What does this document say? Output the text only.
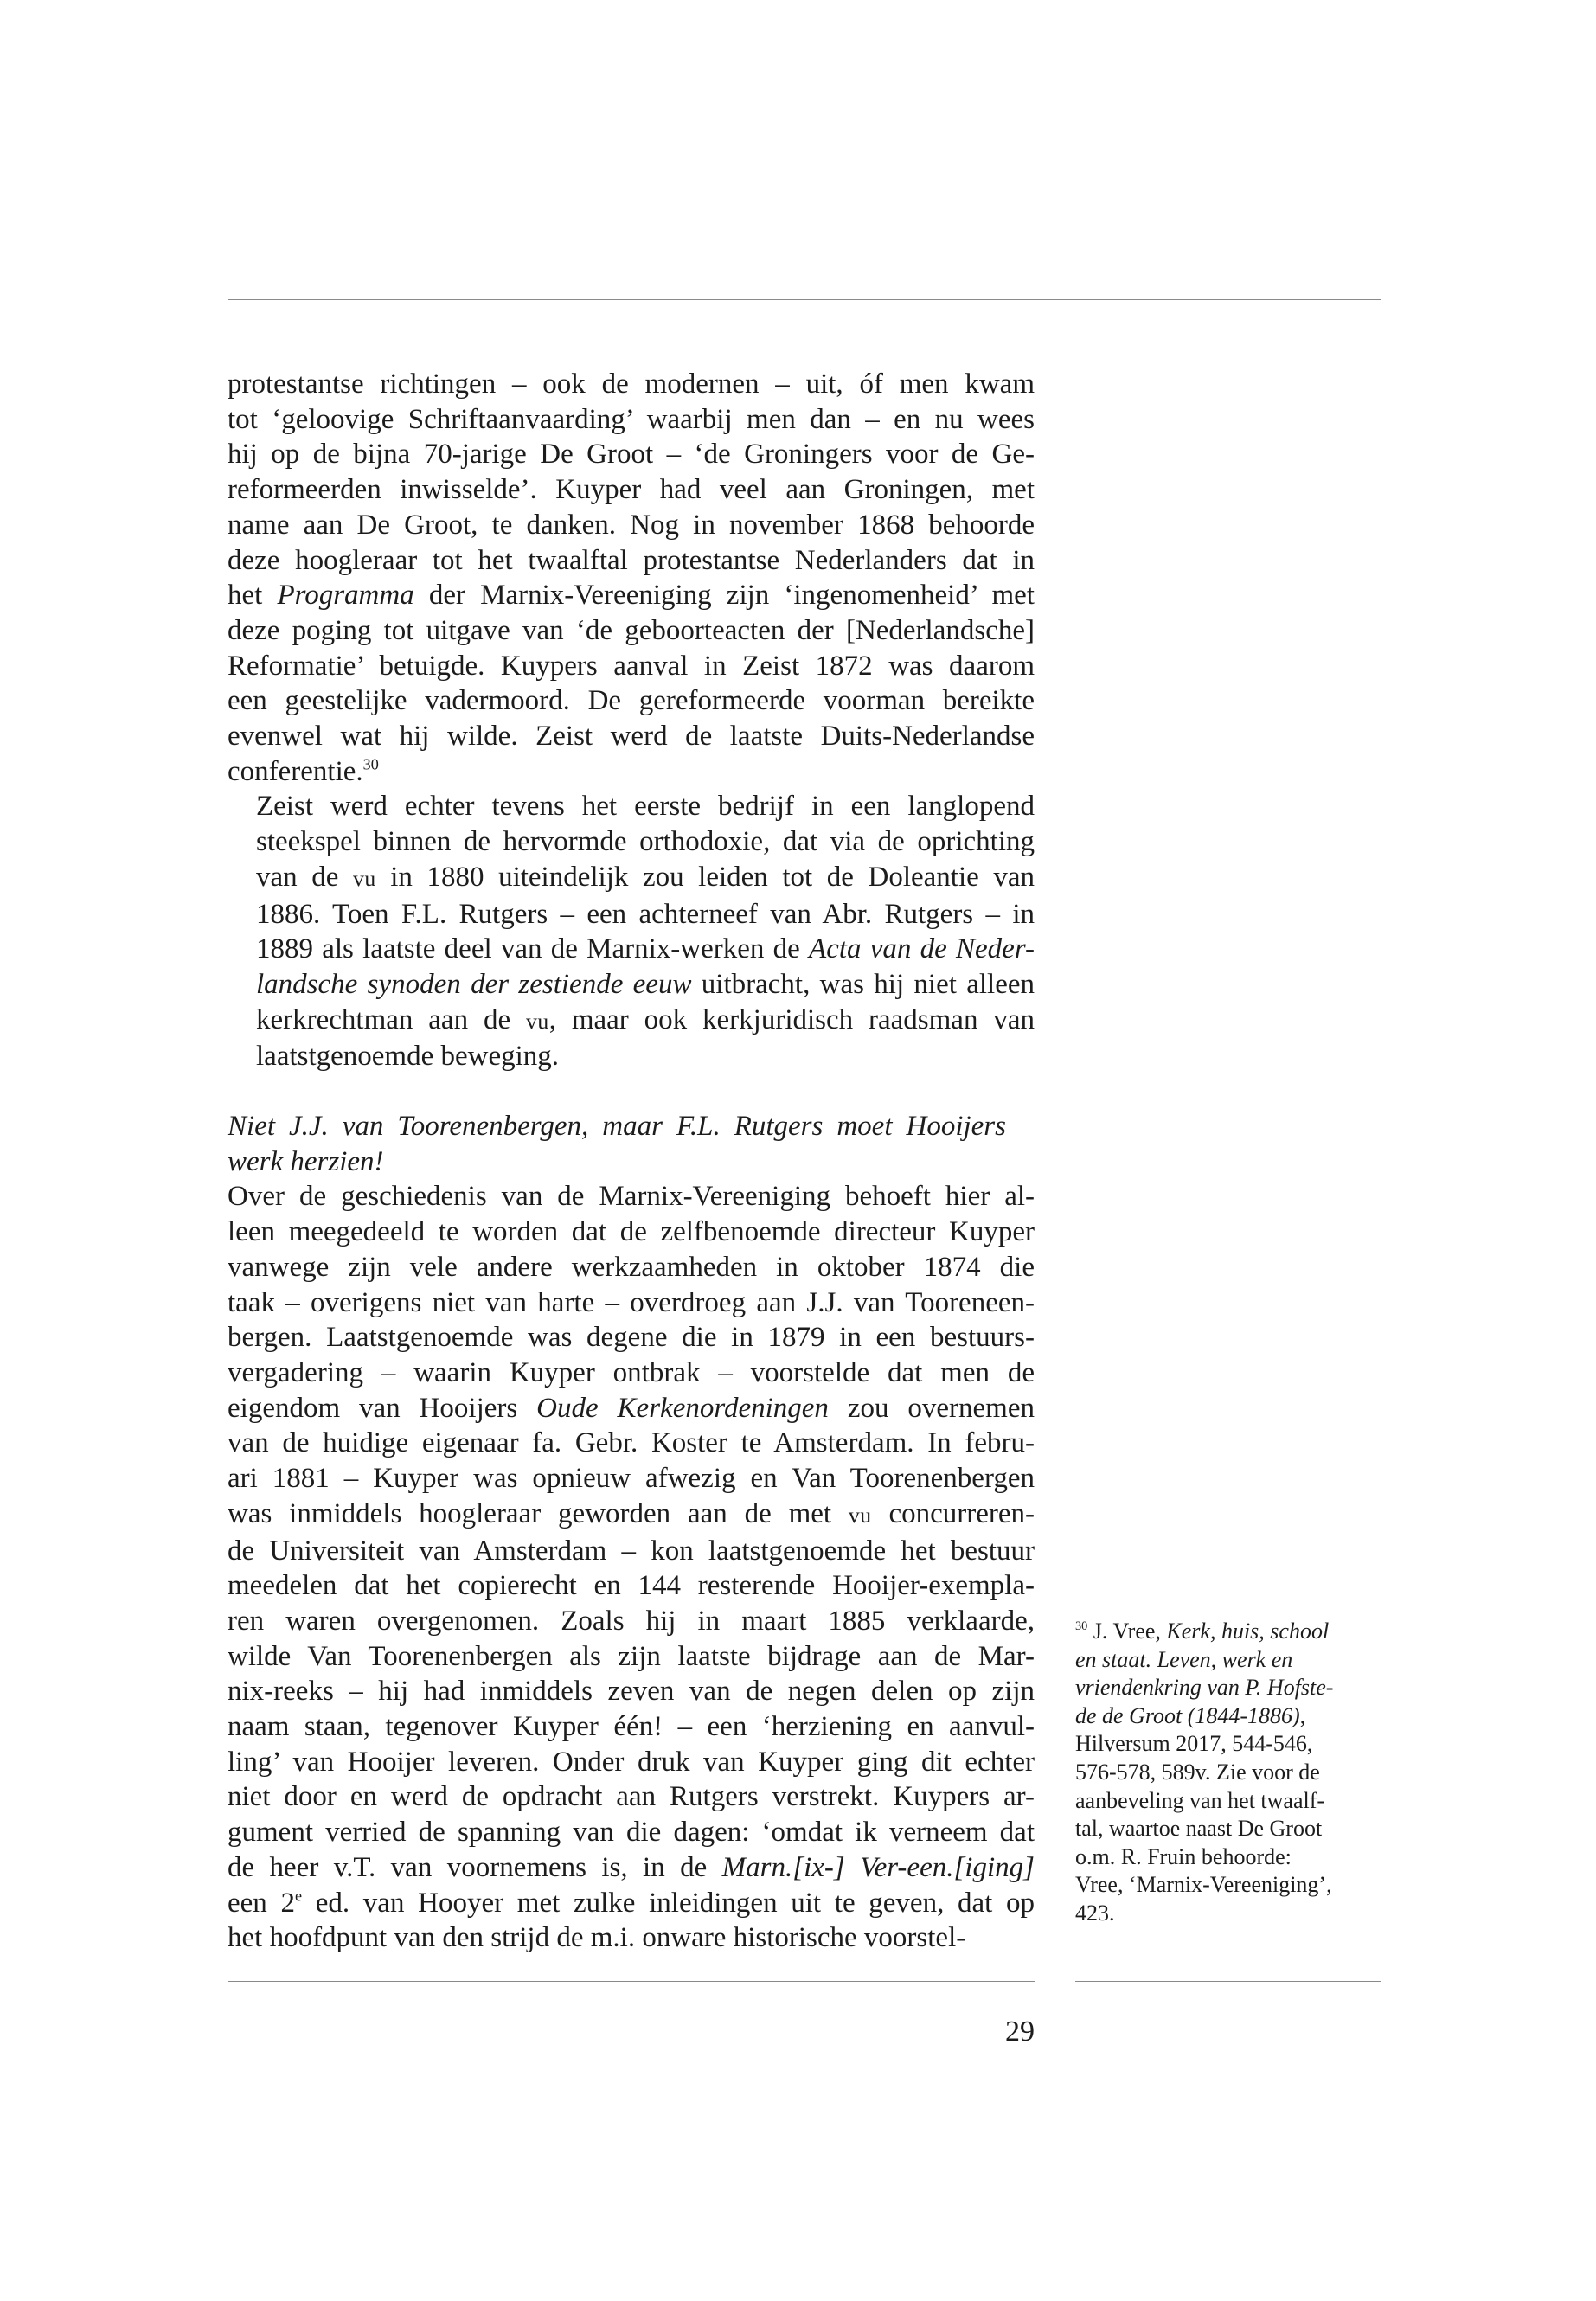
protestantse richtingen – ook de modernen – uit, óf men kwam
tot ‘geloovige Schriftaanvaarding’ waarbij men dan – en nu wees
hij op de bijna 70-jarige De Groot – ‘de Groningers voor de Ge-
reformeerden inwisselde’. Kuyper had veel aan Groningen, met
name aan De Groot, te danken. Nog in november 1868 behoorde
deze hoogleraar tot het twaalftal protestantse Nederlanders dat in
het Programma der Marnix-Vereeniging zijn ‘ingenomenheid’ met
deze poging tot uitgave van ‘de geboorteacten der [Nederlandsche]
Reformatie’ betuigde. Kuypers aanval in Zeist 1872 was daarom
een geestelijke vadermoord. De gereformeerde voorman bereikte
evenwel wat hij wilde. Zeist werd de laatste Duits-Nederlandse
conferentie.$^{30}$

Zeist werd echter tevens het eerste bedrijf in een langlopend
steekspel binnen de hervormde orthodoxie, dat via de oprichting
van de vu in 1880 uiteindelijk zou leiden tot de Doleantie van
1886. Toen F.L. Rutgers – een achterneef van Abr. Rutgers – in
1889 als laatste deel van de Marnix-werken de Acta van de Neder-
landsche synoden der zestiende eeuw uitbracht, was hij niet alleen
kerkrechtman aan de vu, maar ook kerkjuridisch raadsman van
laatstgenoemde beweging.

Niet J.J. van Toorenenbergen, maar F.L. Rutgers moet Hooijers
werk herzien!

Over de geschiedenis van de Marnix-Vereeniging behoeft hier al-
leen meegedeeld te worden dat de zelfbenoemde directeur Kuyper
vanwege zijn vele andere werkzaamheden in oktober 1874 die
taak – overigens niet van harte – overdroeg aan J.J. van Tooreneen-
bergen. Laatstgenoemde was degene die in 1879 in een bestuurs-
vergadering – waarin Kuyper ontbrak – voorstelde dat men de
eigendom van Hooijers Oude Kerkenordeningen zou overnemen
van de huidige eigenaar fa. Gebr. Koster te Amsterdam. In febru-
ari 1881 – Kuyper was opnieuw afwezig en Van Toorenenbergen
was inmiddels hoogleraar geworden aan de met vu concurreren-
de Universiteit van Amsterdam – kon laatstgenoemde het bestuur
meedelen dat het copierecht en 144 resterende Hooijer-exempla-
ren waren overgenomen. Zoals hij in maart 1885 verklaarde,
wilde Van Toorenenbergen als zijn laatste bijdrage aan de Mar-
nix-reeks – hij had inmiddels zeven van de negen delen op zijn
naam staan, tegenover Kuyper één! – een ‘herziening en aanvul-
ling’ van Hooijer leveren. Onder druk van Kuyper ging dit echter
niet door en werd de opdracht aan Rutgers verstrekt. Kuypers ar-
gument verried de spanning van die dagen: ‘omdat ik verneem dat
de heer v.T. van voornemens is, in de Marn.[ix-] Ver-een.[iging]
een 2e ed. van Hooyer met zulke inleidingen uit te geven, dat op
het hoofdpunt van den strijd de m.i. onware historische voorstel-

$^{30}$ J. Vree, Kerk, huis, school
en staat. Leven, werk en
vriendenkring van P. Hofste-
de de Groot (1844-1886),
Hilversum 2017, 544-546,
576-578, 589v. Zie voor de
aanbeveling van het twaalf-
tal, waartoe naast De Groot
o.m. R. Fruin behoorde:
Vree, ‘Marnix-Vereeniging’,
423.
29
